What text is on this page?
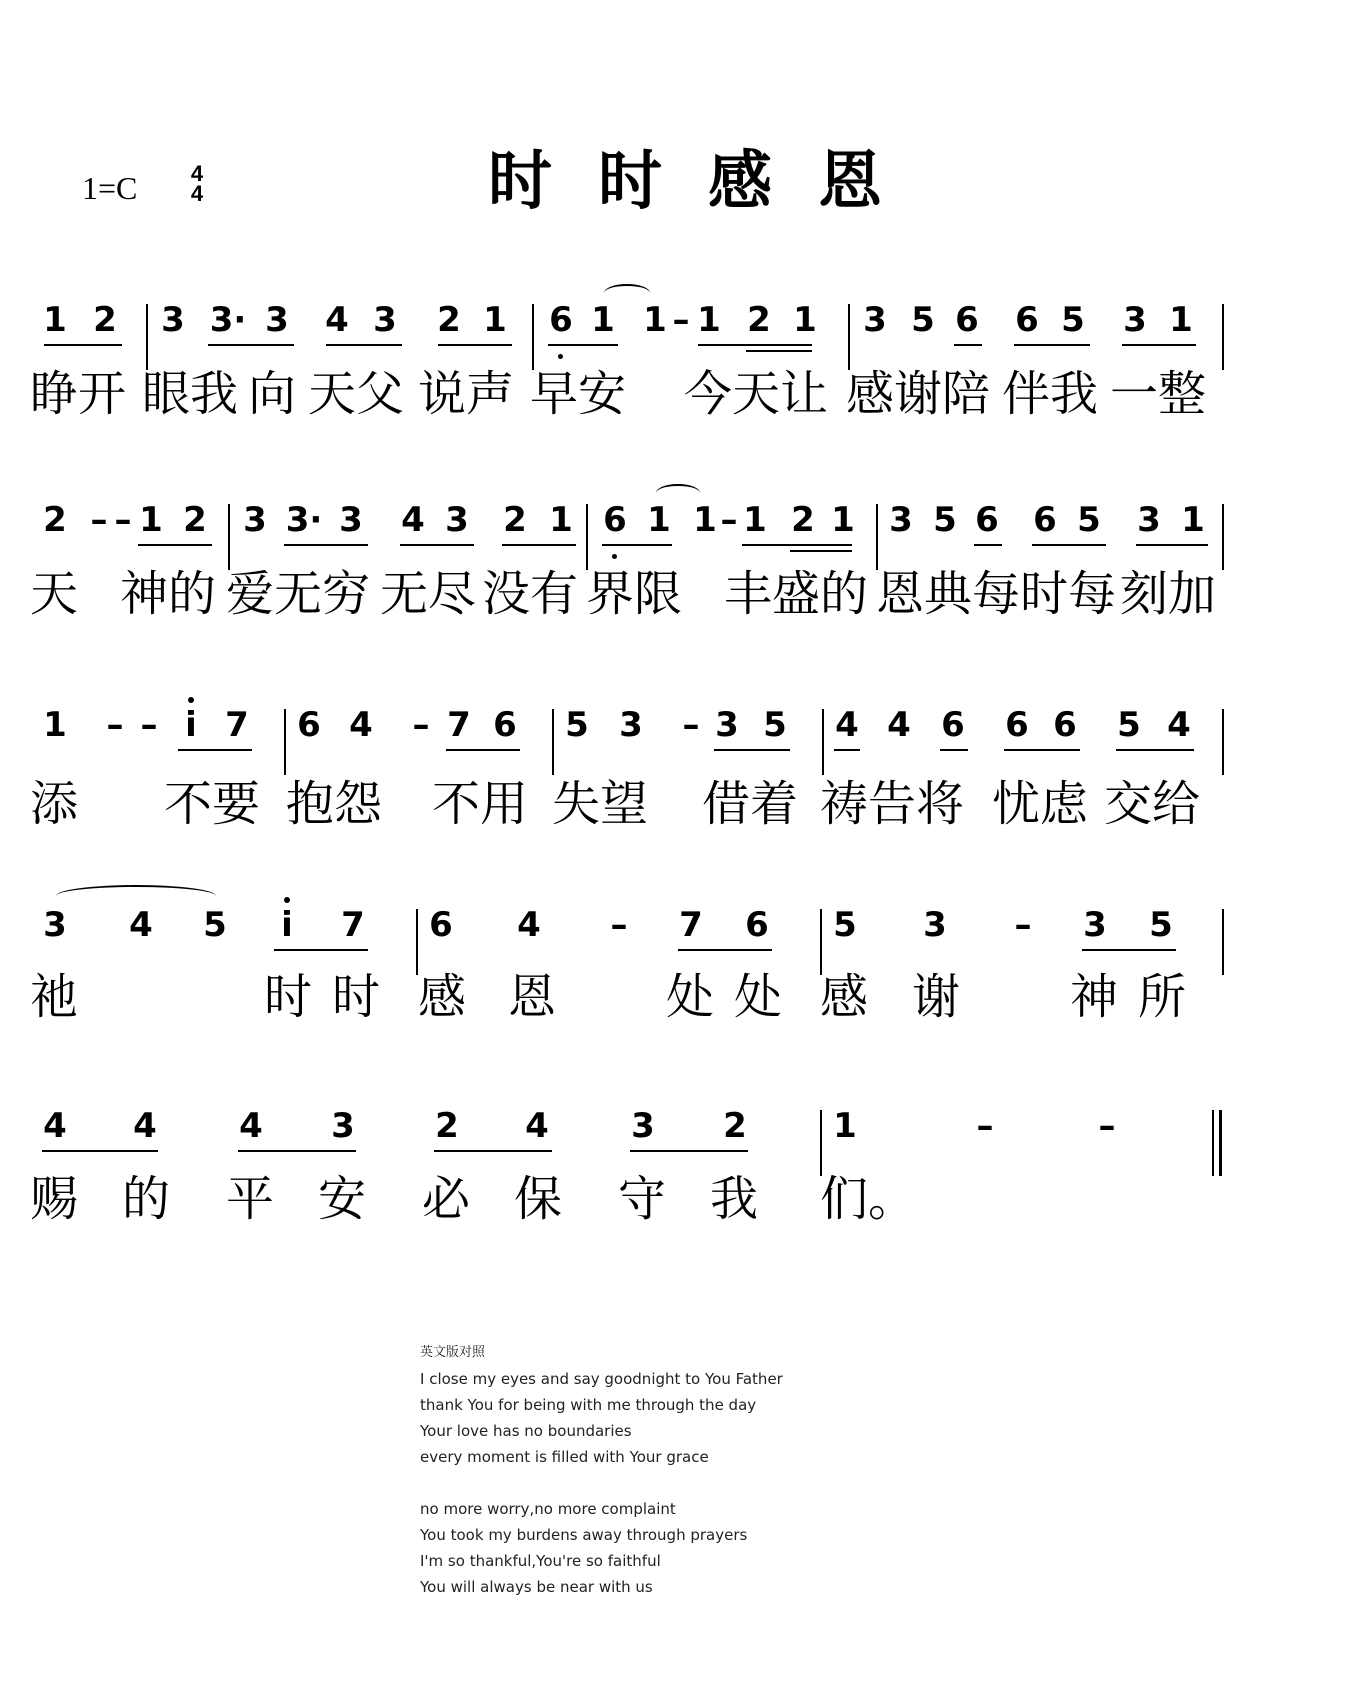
1=C 4
4	时时感恩
1 2 3 3· 3 4 3 2 1 6 1 1 – 1 2 1 3 5 6 6 5 3 1
睁开 眼我 向 天父 说声 早安 今天让 感谢陪 伴我 一整
2 – – 1 2 3 3· 3 4 3 2 1 6 1 1 – 1 2 1 3 5 6 6 5 3 1
天 神的 爱无穷 无尽 没有 界限 丰盛的 恩典每 时每 刻加
1 – – i 7 6 4 – 7 6 5 3 – 3 5 4 4 6 6 6 5 4
添 不要 抱怨 不用 失望 借着 祷告将 忧虑 交给
3 4 5 i 7 6 4 – 7 6 5 3 – 3 5
祂	时时 感 恩 处处 感 谢 神所
4 4 4 3 2 4 3 2	1	–	–
赐 的 平 安 必 保 守 我 们。

英文版对照

I close my eyes and say goodnight to You Father

thank You for being with me through the day

Your love has no boundaries

every moment is filled with Your grace

no more worry,no more complaint

You took my burdens away through prayers

I'm so thankful,You're so faithful

You will always be near with us
